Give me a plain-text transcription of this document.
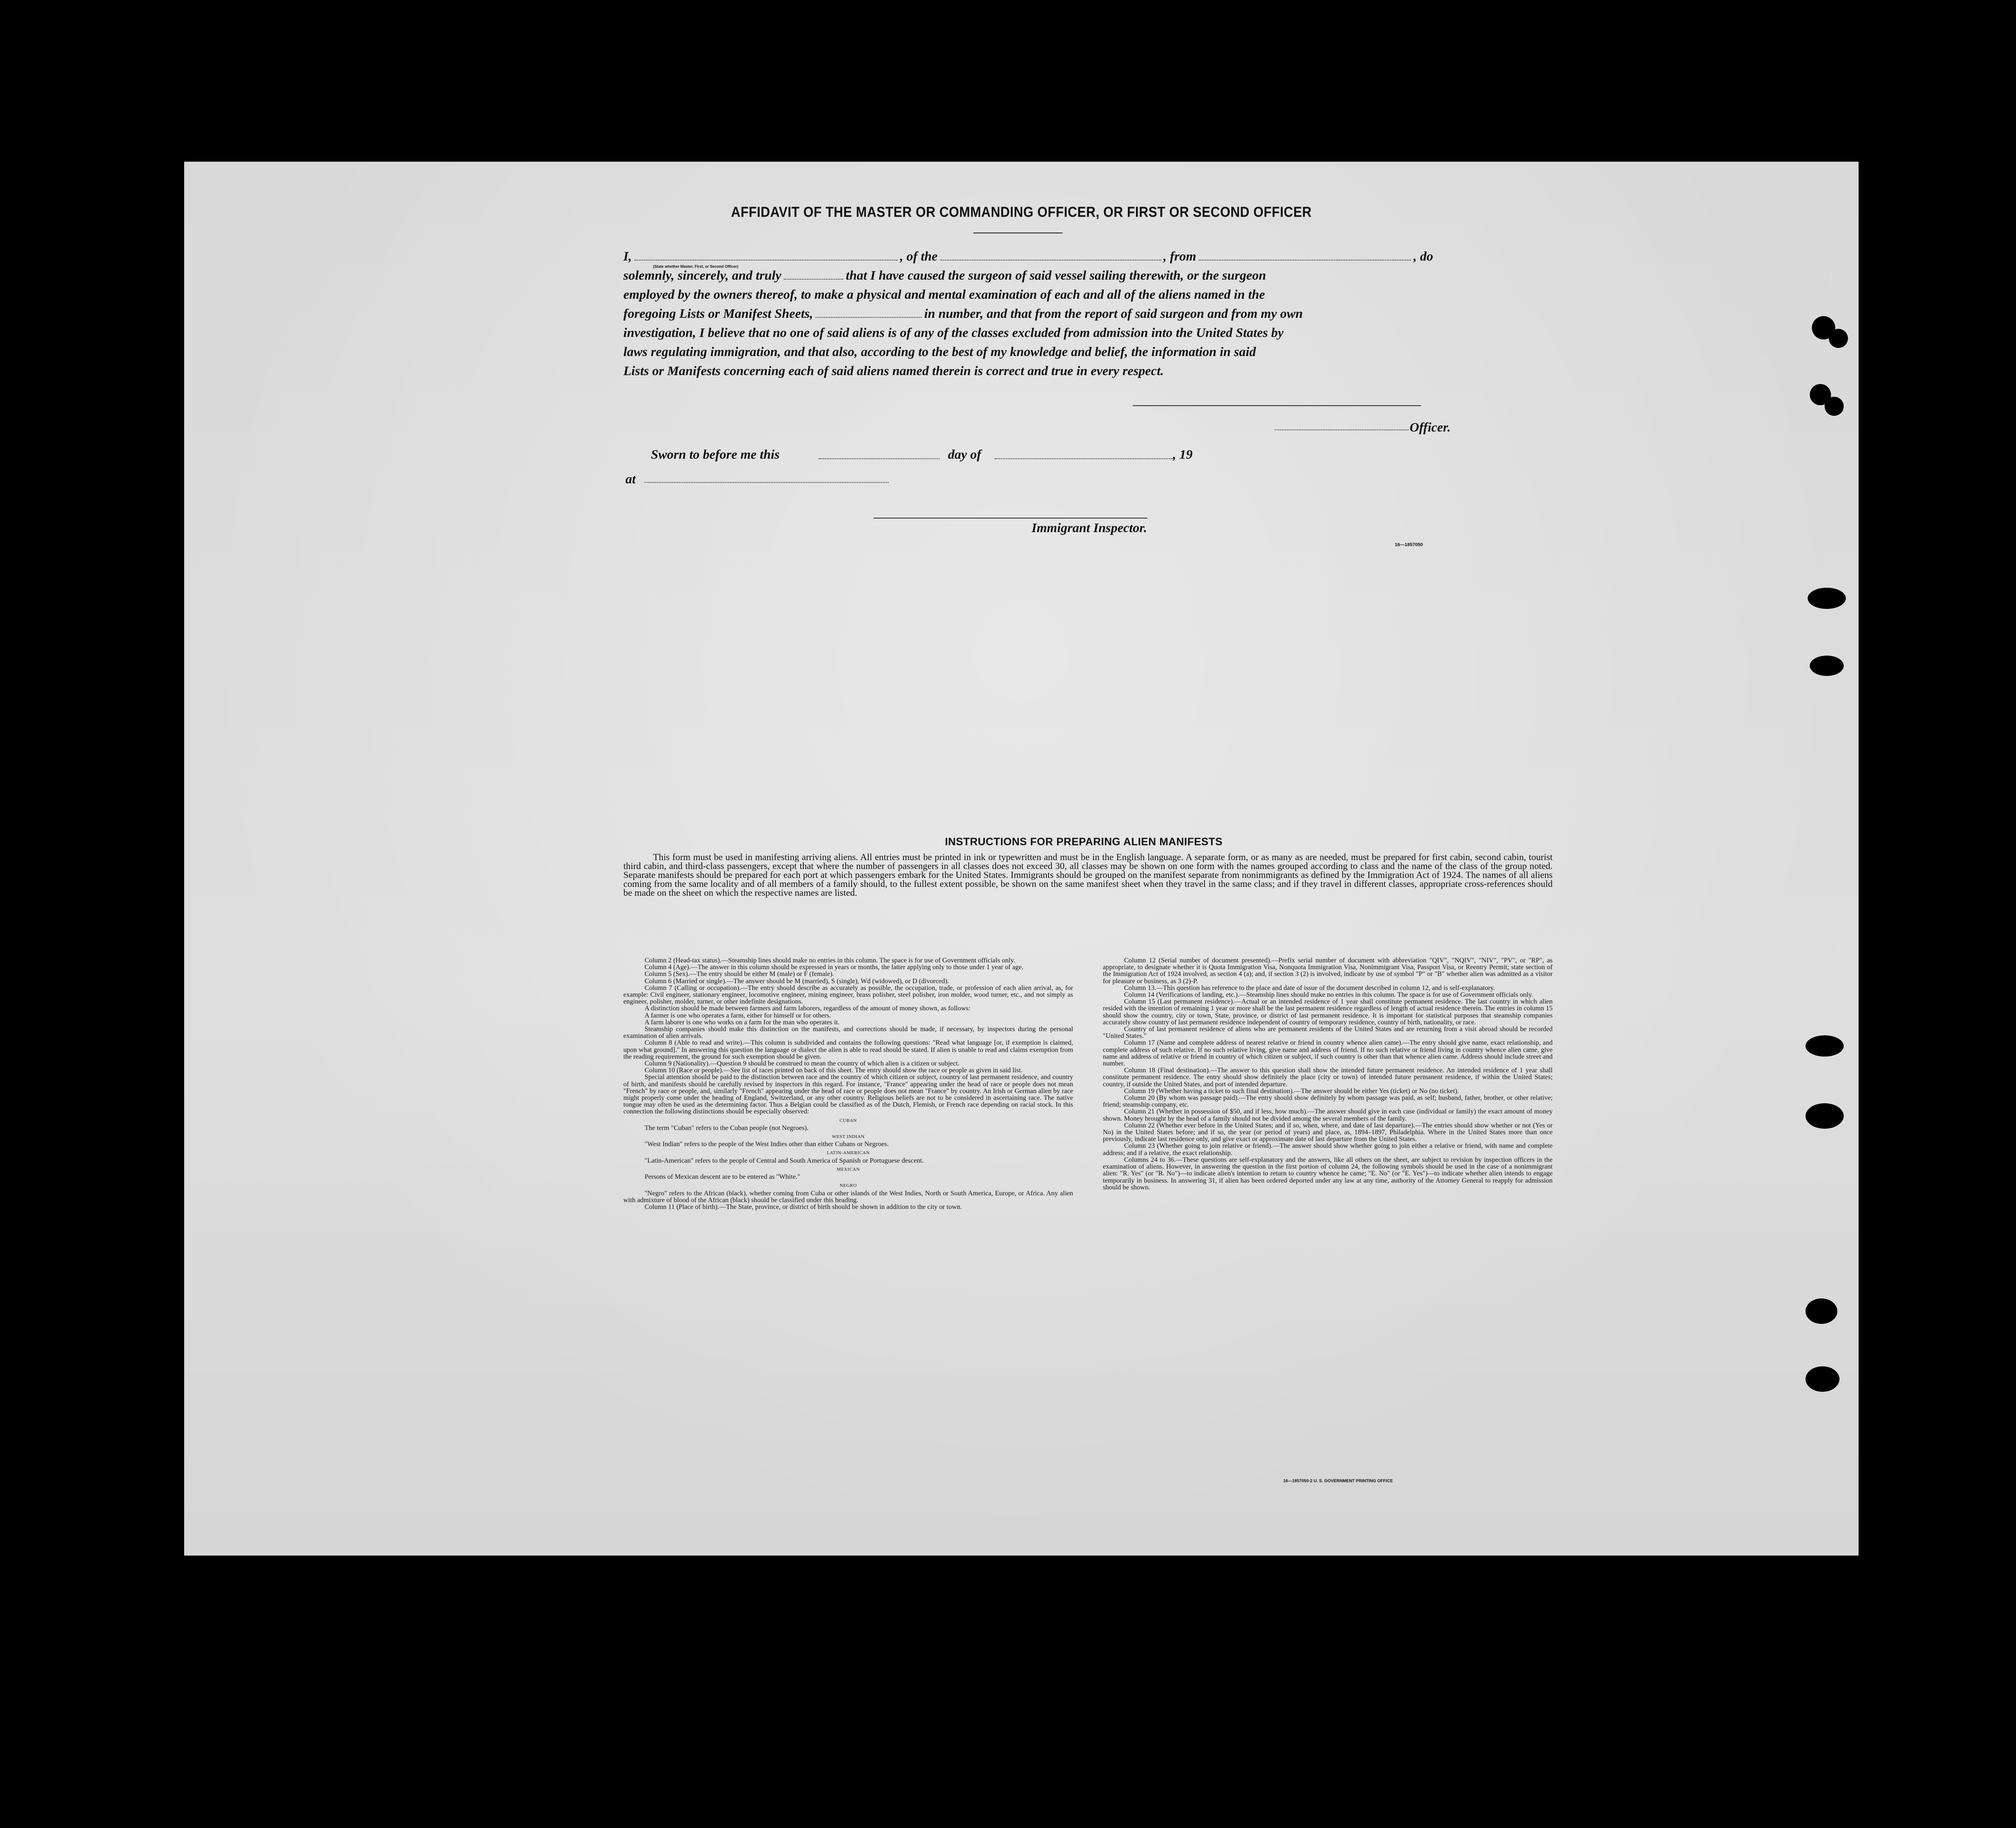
AFFIDAVIT OF THE MASTER OR COMMANDING OFFICER, OR FIRST OR SECOND OFFICER
I,	, of the	, from	, do
solemnly, sincerely, and truly	that I have caused the surgeon of said vessel sailing therewith, or the surgeon
employed by the owners thereof, to make a physical and mental examination of each and all of the aliens named in the
foregoing Lists or Manifest Sheets,	in number, and that from the report of said surgeon and from my own
investigation, I believe that no one of said aliens is of any of the classes excluded from admission into the United States by
laws regulating immigration, and that also, according to the best of my knowledge and belief, the information in said
Lists or Manifests concerning each of said aliens named therein is correct and true in every respect.
(State whether Master, First, or Second Officer)
Officer.
Sworn to before me this	day of	, 19
at
Immigrant Inspector.
16—1857050
INSTRUCTIONS FOR PREPARING ALIEN MANIFESTS
This form must be used in manifesting arriving aliens. All entries must be printed in ink or typewritten and must be in the English language. A separate form, or as many as are needed, must be prepared for first cabin, second cabin, tourist third cabin, and third-class passengers, except that where the number of passengers in all classes does not exceed 30, all classes may be shown on one form with the names grouped according to class and the name of the class of the group noted. Separate manifests should be prepared for each port at which passengers embark for the United States. Immigrants should be grouped on the manifest separate from nonimmigrants as defined by the Immigration Act of 1924. The names of all aliens coming from the same locality and of all members of a family should, to the fullest extent possible, be shown on the same manifest sheet when they travel in the same class; and if they travel in different classes, appropriate cross-references should be made on the sheet on which the respective names are listed.

Column 2 (Head-tax status).—Steamship lines should make no entries in this column. The space is for use of Government officials only.

Column 4 (Age).—The answer in this column should be expressed in years or months, the latter applying only to those under 1 year of age.

Column 5 (Sex).—The entry should be either M (male) or F (female).

Column 6 (Married or single).—The answer should be M (married), S (single), Wd (widowed), or D (divorced).

Column 7 (Calling or occupation).—The entry should describe as accurately as possible, the occupation, trade, or profession of each alien arrival, as, for example: Civil engineer, stationary engineer, locomotive engineer, mining engineer, brass polisher, steel polisher, iron molder, wood turner, etc., and not simply as engineer, polisher, molder, turner, or other indefinite designations.

A distinction should be made between farmers and farm laborers, regardless of the amount of money shown, as follows:

A farmer is one who operates a farm, either for himself or for others.

A farm laborer is one who works on a farm for the man who operates it.

Steamship companies should make this distinction on the manifests, and corrections should be made, if necessary, by inspectors during the personal examination of alien arrivals.

Column 8 (Able to read and write).—This column is subdivided and contains the following questions: "Read what language [or, if exemption is claimed, upon what ground]." In answering this question the language or dialect the alien is able to read should be stated. If alien is unable to read and claims exemption from the reading requirement, the ground for such exemption should be given.

Column 9 (Nationality).—Question 9 should be construed to mean the country of which alien is a citizen or subject.

Column 10 (Race or people).—See list of races printed on back of this sheet. The entry should show the race or people as given in said list.

Special attention should be paid to the distinction between race and the country of which citizen or subject, country of last permanent residence, and country of birth, and manifests should be carefully revised by inspectors in this regard. For instance, "France" appearing under the head of race or people does not mean "French" by race or people, and, similarly "French" appearing under the head of race or people does not mean "France" by country. An Irish or German alien by race might properly come under the heading of England, Switzerland, or any other country. Religious beliefs are not to be considered in ascertaining race. The native tongue may often be used as the determining factor. Thus a Belgian could be classified as of the Dutch, Flemish, or French race depending on racial stock. In this connection the following distinctions should be especially observed:

CUBAN

The term "Cuban" refers to the Cuban people (not Negroes).

WEST INDIAN

"West Indian" refers to the people of the West Indies other than either Cubans or Negroes.

LATIN-AMERICAN

"Latin-American" refers to the people of Central and South America of Spanish or Portuguese descent.

MEXICAN

Persons of Mexican descent are to be entered as "White."

NEGRO

"Negro" refers to the African (black), whether coming from Cuba or other islands of the West Indies, North or South America, Europe, or Africa. Any alien with admixture of blood of the African (black) should be classified under this heading.

Column 11 (Place of birth).—The State, province, or district of birth should be shown in addition to the city or town.

Column 12 (Serial number of document presented).—Prefix serial number of document with abbreviation "QIV", "NQIV", "NIV", "PV", or "RP", as appropriate, to designate whether it is Quota Immigration Visa, Nonquota Immigration Visa, Nonimmigrant Visa, Passport Visa, or Reentry Permit; state section of the Immigration Act of 1924 involved, as section 4 (a); and, if section 3 (2) is involved, indicate by use of symbol "P" or "B" whether alien was admitted as a visitor for pleasure or business, as 3 (2)-P.

Column 13.—This question has reference to the place and date of issue of the document described in column 12, and is self-explanatory.

Column 14 (Verifications of landing, etc.).—Steamship lines should make no entries in this column. The space is for use of Government officials only.

Column 15 (Last permanent residence).—Actual or an intended residence of 1 year shall constitute permanent residence. The last country in which alien resided with the intention of remaining 1 year or more shall be the last permanent residence regardless of length of actual residence therein. The entries in column 15 should show the country, city or town, State, province, or district of last permanent residence. It is important for statistical purposes that steamship companies accurately show country of last permanent residence independent of country of temporary residence, country of birth, nationality, or race.

Country of last permanent residence of aliens who are permanent residents of the United States and are returning from a visit abroad should be recorded "United States."

Column 17 (Name and complete address of nearest relative or friend in country whence alien came).—The entry should give name, exact relationship, and complete address of such relative. If no such relative living, give name and address of friend. If no such relative or friend living in country whence alien came, give name and address of relative or friend in country of which citizen or subject, if such country is other than that whence alien came. Address should include street and number.

Column 18 (Final destination).—The answer to this question shall show the intended future permanent residence. An intended residence of 1 year shall constitute permanent residence. The entry should show definitely the place (city or town) of intended future permanent residence, if within the United States; country, if outside the United States, and port of intended departure.

Column 19 (Whether having a ticket to such final destination).—The answer should be either Yes (ticket) or No (no ticket).

Column 20 (By whom was passage paid).—The entry should show definitely by whom passage was paid, as self; husband, father, brother, or other relative; friend; steamship company, etc.

Column 21 (Whether in possession of $50, and if less, how much).—The answer should give in each case (individual or family) the exact amount of money shown. Money brought by the head of a family should not be divided among the several members of the family.

Column 22 (Whether ever before in the United States; and if so, when, where, and date of last departure).—The entries should show whether or not (Yes or No) in the United States before; and if so, the year (or period of years) and place, as, 1894–1897, Philadelphia. Where in the United States more than once previously, indicate last residence only, and give exact or approximate date of last departure from the United States.

Column 23 (Whether going to join relative or friend).—The answer should show whether going to join either a relative or friend, with name and complete address; and if a relative, the exact relationship.

Columns 24 to 36.—These questions are self-explanatory and the answers, like all others on the sheet, are subject to revision by inspection officers in the examination of aliens. However, in answering the question in the first portion of column 24, the following symbols should be used in the case of a nonimmigrant alien: "R. Yes" (or "R. No")—to indicate alien's intention to return to country whence he came; "E. No" (or "E. Yes")—to indicate whether alien intends to engage temporarily in business. In answering 31, if alien has been ordered deported under any law at any time, authority of the Attorney General to reapply for admission should be shown.

16—1857050-2 U. S. GOVERNMENT PRINTING OFFICE
